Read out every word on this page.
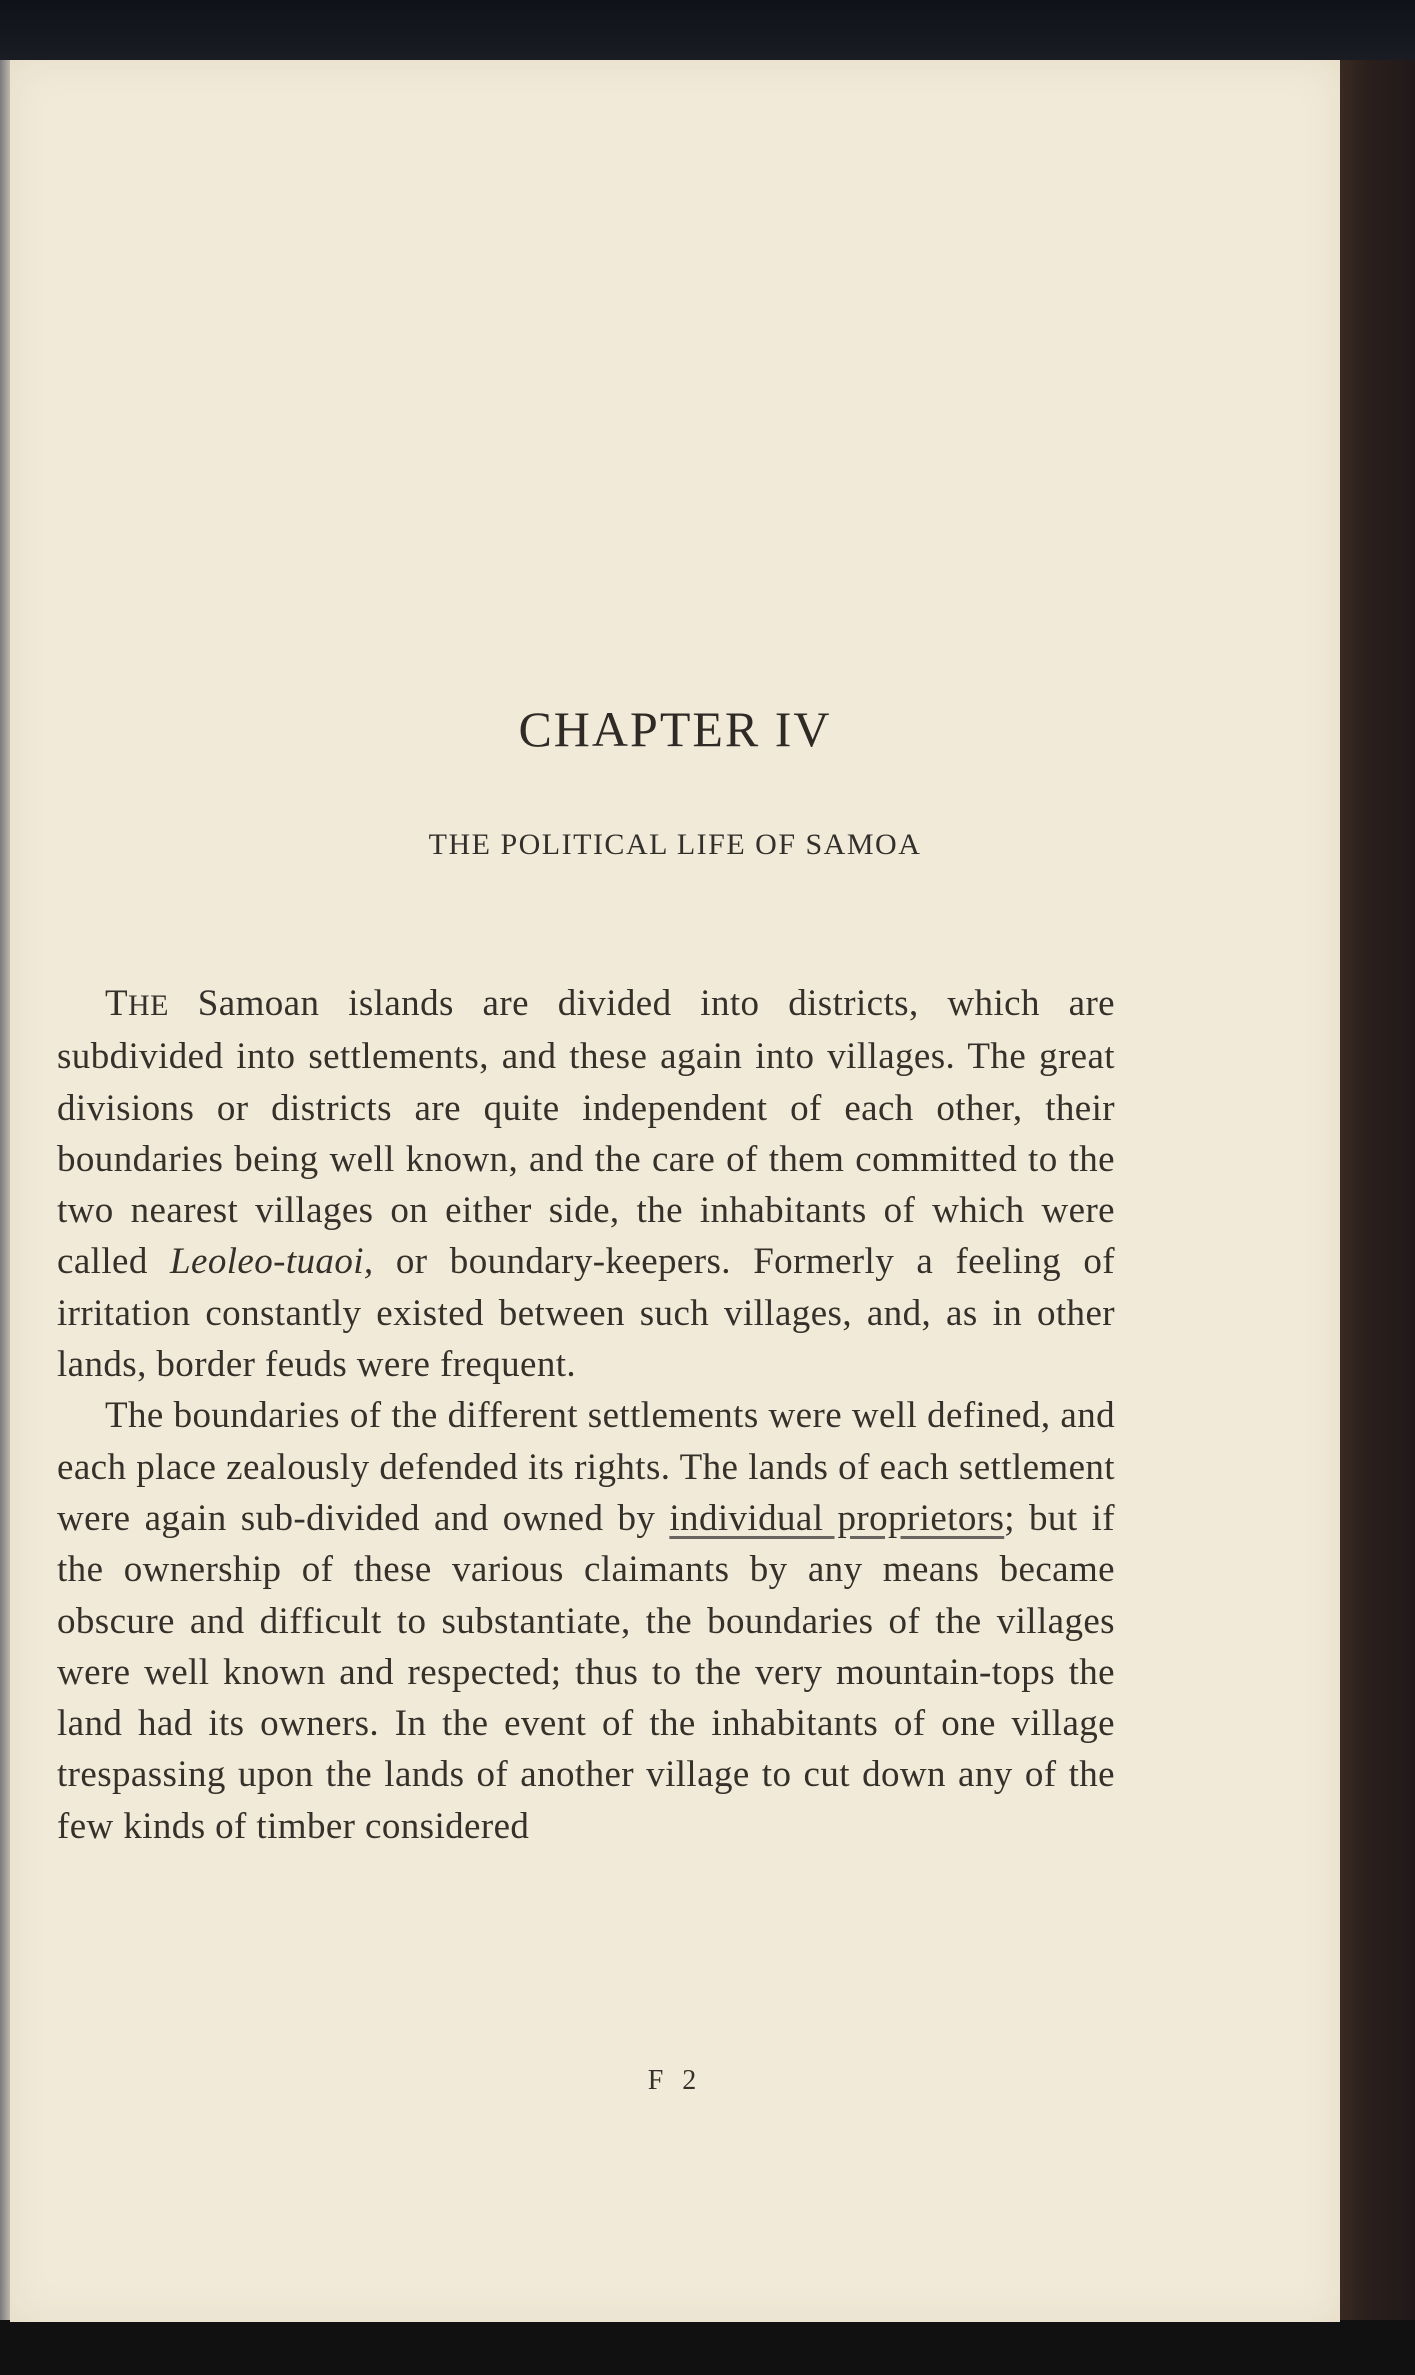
CHAPTER IV
THE POLITICAL LIFE OF SAMOA

THE Samoan islands are divided into districts, which are subdivided into settlements, and these again into villages. The great divisions or districts are quite independent of each other, their boundaries being well known, and the care of them committed to the two nearest villages on either side, the inhabitants of which were called Leoleo-tuaoi, or boundary-keepers. Formerly a feeling of irritation constantly existed between such villages, and, as in other lands, border feuds were frequent.

The boundaries of the different settlements were well defined, and each place zealously defended its rights. The lands of each settlement were again sub-divided and owned by individual proprietors; but if the ownership of these various claimants by any means became obscure and difficult to substantiate, the boundaries of the villages were well known and respected; thus to the very mountain-tops the land had its owners. In the event of the inhabitants of one village trespassing upon the lands of another village to cut down any of the few kinds of timber considered

F 2
